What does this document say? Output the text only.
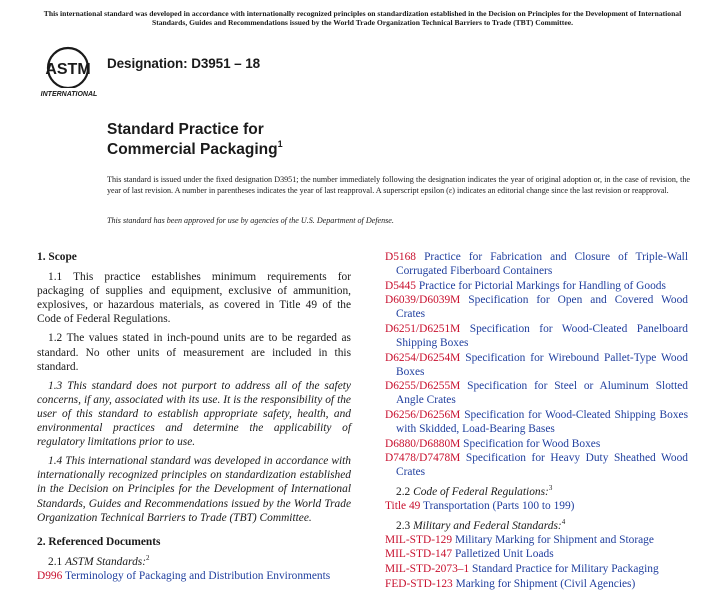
This international standard was developed in accordance with internationally recognized principles on standardization established in the Decision on Principles for the Development of International Standards, Guides and Recommendations issued by the World Trade Organization Technical Barriers to Trade (TBT) Committee.
ASTM
INTERNATIONAL
Designation: D3951 – 18
Standard Practice for
Commercial Packaging$^1$
This standard is issued under the fixed designation D3951; the number immediately following the designation indicates the year of original adoption or, in the case of revision, the year of last revision. A number in parentheses indicates the year of last reapproval. A superscript epsilon (ε) indicates an editorial change since the last revision or reapproval.
This standard has been approved for use by agencies of the U.S. Department of Defense.
1. Scope
1.1 This practice establishes minimum requirements for packaging of supplies and equipment, exclusive of ammunition, explosives, or hazardous materials, as covered in Title 49 of the Code of Federal Regulations.
1.2 The values stated in inch-pound units are to be regarded as standard. No other units of measurement are included in this standard.
1.3 This standard does not purport to address all of the safety concerns, if any, associated with its use. It is the responsibility of the user of this standard to establish appropriate safety, health, and environmental practices and determine the applicability of regulatory limitations prior to use.
1.4 This international standard was developed in accordance with internationally recognized principles on standardization established in the Decision on Principles for the Development of International Standards, Guides and Recommendations issued by the World Trade Organization Technical Barriers to Trade (TBT) Committee.
2. Referenced Documents
2.1 ASTM Standards:$^2$
D996 Terminology of Packaging and Distribution Environments
D5168 Practice for Fabrication and Closure of Triple-Wall Corrugated Fiberboard Containers
D5445 Practice for Pictorial Markings for Handling of Goods
D6039/D6039M Specification for Open and Covered Wood Crates
D6251/D6251M Specification for Wood-Cleated Panelboard Shipping Boxes
D6254/D6254M Specification for Wirebound Pallet-Type Wood Boxes
D6255/D6255M Specification for Steel or Aluminum Slotted Angle Crates
D6256/D6256M Specification for Wood-Cleated Shipping Boxes with Skidded, Load-Bearing Bases
D6880/D6880M Specification for Wood Boxes
D7478/D7478M Specification for Heavy Duty Sheathed Wood Crates
2.2 Code of Federal Regulations:$^3$
Title 49 Transportation (Parts 100 to 199)
2.3 Military and Federal Standards:$^4$
MIL-STD-129 Military Marking for Shipment and Storage
MIL-STD-147 Palletized Unit Loads
MIL-STD-2073–1 Standard Practice for Military Packaging
FED-STD-123 Marking for Shipment (Civil Agencies)
